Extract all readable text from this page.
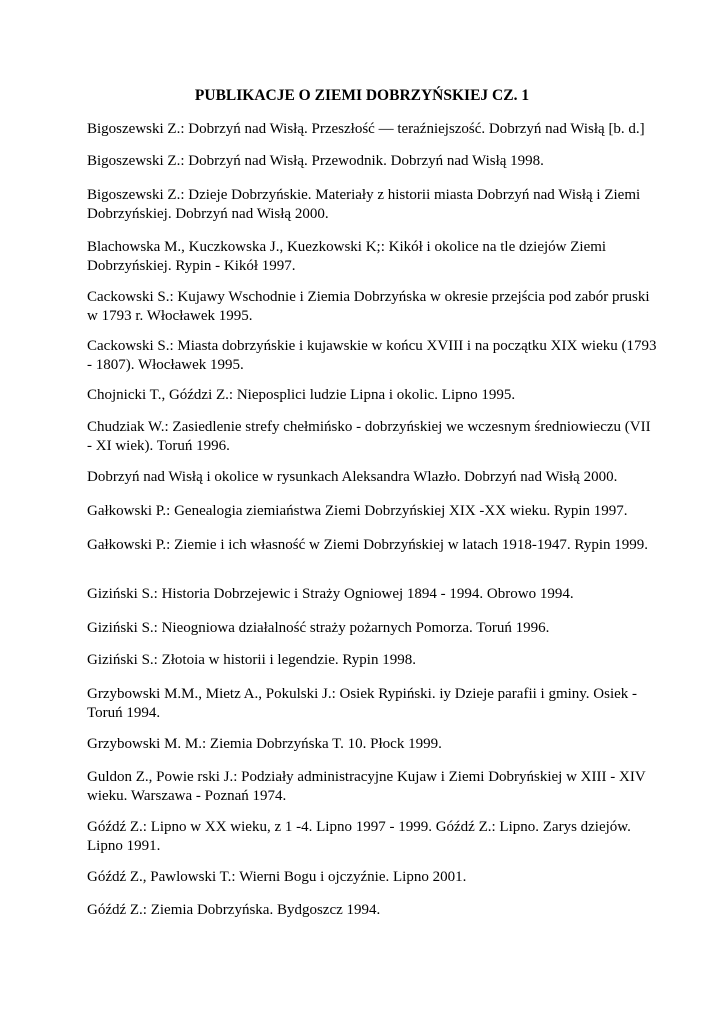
PUBLIKACJE O ZIEMI DOBRZYŃSKIEJ CZ. 1

Bigoszewski Z.: Dobrzyń nad Wisłą. Przeszłość — teraźniejszość. Dobrzyń nad Wisłą [b. d.]

Bigoszewski Z.: Dobrzyń nad Wisłą. Przewodnik. Dobrzyń nad Wisłą 1998.

Bigoszewski Z.: Dzieje Dobrzyńskie. Materiały z historii miasta Dobrzyń nad Wisłą i Ziemi Dobrzyńskiej. Dobrzyń nad Wisłą 2000.

Blachowska M., Kuczkowska J., Kuezkowski K;: Kikół i okolice na tle dziejów Ziemi Dobrzyńskiej. Rypin - Kikół 1997.

Cackowski S.: Kujawy Wschodnie i Ziemia Dobrzyńska w okresie przejścia pod zabór pruski w 1793 r. Włocławek 1995.

Cackowski S.: Miasta dobrzyńskie i kujawskie w końcu XVIII i na początku XIX wieku (1793 - 1807). Włocławek 1995.

Chojnicki T., Góździ Z.: Nieposplici ludzie Lipna i okolic. Lipno 1995.

Chudziak W.: Zasiedlenie strefy chełmińsko - dobrzyńskiej we wczesnym średniowieczu (VII - XI wiek). Toruń 1996.

Dobrzyń nad Wisłą i okolice w rysunkach Aleksandra Wlazło. Dobrzyń nad Wisłą 2000.

Gałkowski P.: Genealogia ziemiaństwa Ziemi Dobrzyńskiej XIX -XX wieku. Rypin 1997.

Gałkowski P.: Ziemie i ich własność w Ziemi Dobrzyńskiej w latach 1918-1947. Rypin 1999.

Giziński S.: Historia Dobrzejewic i Straży Ogniowej 1894 - 1994. Obrowo 1994.

Giziński S.: Nieogniowa działalność straży pożarnych Pomorza. Toruń 1996.

Giziński S.: Złotoia w historii i legendzie. Rypin 1998.

Grzybowski M.M., Mietz A., Pokulski J.: Osiek Rypiński. iy Dzieje parafii i gminy. Osiek - Toruń 1994.

Grzybowski M. M.: Ziemia Dobrzyńska T. 10. Płock 1999.

Guldon Z., Powie rski J.: Podziały administracyjne Kujaw i Ziemi Dobryńskiej w XIII - XIV wieku. Warszawa - Poznań 1974.

Góźdź Z.: Lipno w XX wieku, z 1 -4. Lipno 1997 - 1999. Góźdź Z.: Lipno. Zarys dziejów. Lipno 1991.

Góźdź Z., Pawlowski T.: Wierni Bogu i ojczyźnie. Lipno 2001.

Góźdź Z.: Ziemia Dobrzyńska. Bydgoszcz 1994.
